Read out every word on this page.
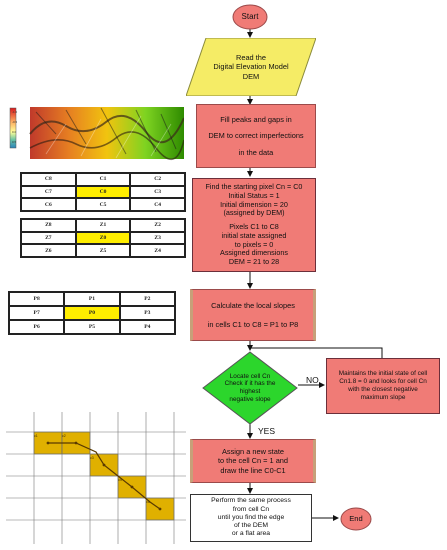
Start
Read the
Digital Elevation Model
DEM
-1.0
-0.5
0.0
0.5
Fill peaks and gaps in
DEM to correct imperfections
in the data
C8	C1	C2
C7	C0	C3
C6	C5	C4
Z8	Z1	Z2
Z7	Z0	Z3
Z6	Z5	Z4
Find the starting pixel Cn = C0
Initial Status = 1
Initial dimension = 20
(assigned by DEM)
Pixels C1 to C8
initial state assigned
to pixels = 0
Assigned dimensions
DEM = 21 to 28
P8	P1	P2
P7	P0	P3
P6	P5	P4
Calculate the local slopes
in cells C1 to C8 = P1 to P8
Locate cell Cn
Check if it has the highest
negative slope
NO
YES
Maintains the initial state of cell
Cn1.8 = 0 and looks for cell Cn
with the closest negative
maximum slope
c1	c2
c3
c4
c5
Assign a new state
to the cell Cn = 1 and
draw the line C0-C1
Perform the same process
from cell Cn
until you find the edge
of the DEM
or a flat area
End
